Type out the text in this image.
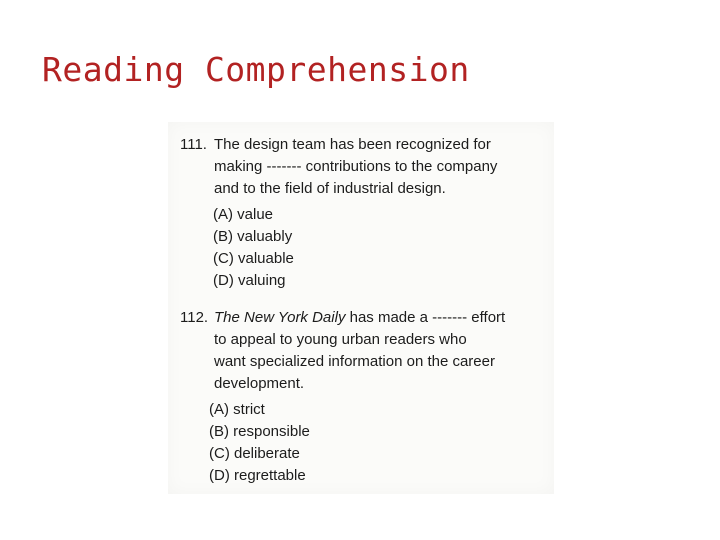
Reading Comprehension
111. The design team has been recognized for
making ------- contributions to the company
and to the field of industrial design.
(A) value
(B) valuably
(C) valuable
(D) valuing
112. The New York Daily has made a ------- effort
to appeal to young urban readers who
want specialized information on the career
development.
(A) strict
(B) responsible
(C) deliberate
(D) regrettable
